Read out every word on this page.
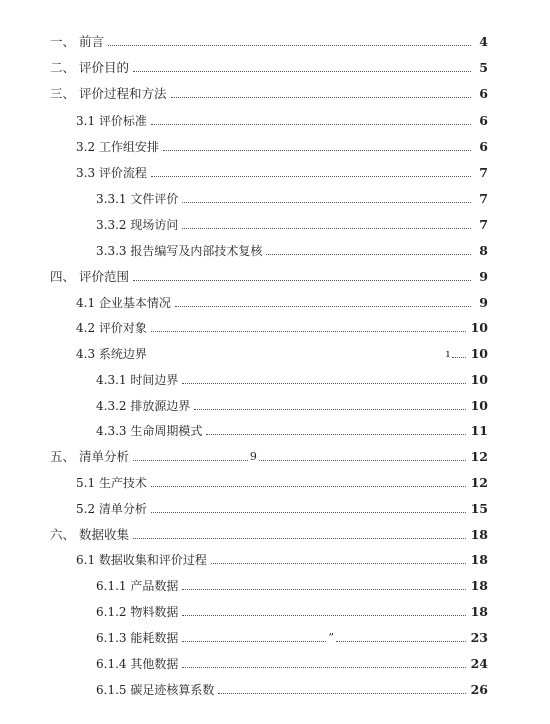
一、 前言	4
二、 评价目的	5
三、 评价过程和方法	6
3.1 评价标准	6
3.2 工作组安排	6
3.3 评价流程	7
3.3.1 文件评价	7
3.3.2 现场访问	7
3.3.3 报告编写及内部技术复核	8
四、 评价范围	9
4.1 企业基本情况	9
4.2 评价对象	10
4.3 系统边界	ı	10
4.3.1 时间边界	10
4.3.2 排放源边界	10
4.3.3 生命周期模式	11
五、 清单分析	9	12
5.1 生产技术	12
5.2 清单分析	15
六、 数据收集	18
6.1 数据收集和评价过程	18
6.1.1 产品数据	18
6.1.2 物料数据	18
6.1.3 能耗数据	”	23
6.1.4 其他数据	24
6.1.5 碳足迹核算系数	26
